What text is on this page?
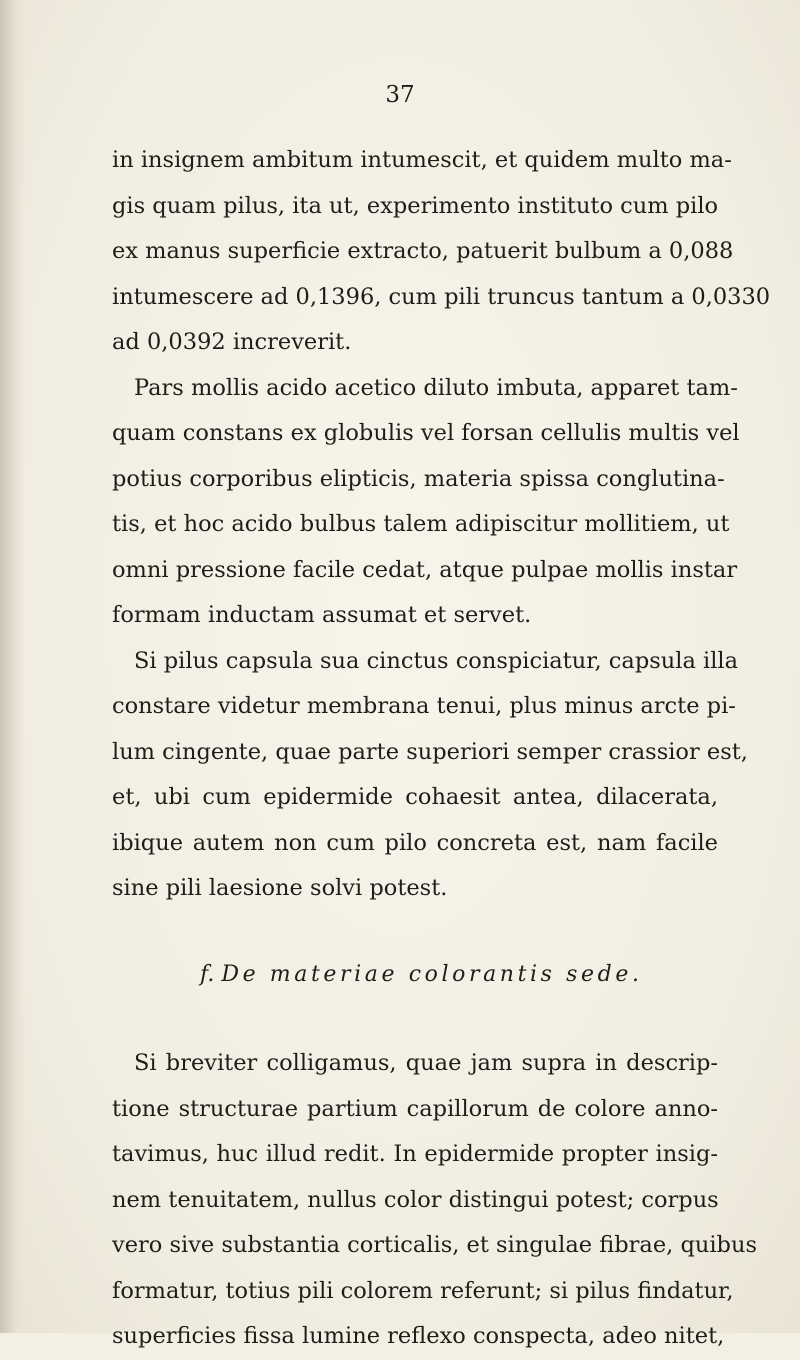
37
in insignem ambitum intumescit, et quidem multo ma-
gis quam pilus, ita ut, experimento instituto cum pilo
ex manus superficie extracto, patuerit bulbum a 0,088
intumescere ad 0,1396, cum pili truncus tantum a 0,0330
ad 0,0392 increverit.
Pars mollis acido acetico diluto imbuta, apparet tam-
quam constans ex globulis vel forsan cellulis multis vel
potius corporibus elipticis, materia spissa conglutina-
tis, et hoc acido bulbus talem adipiscitur mollitiem, ut
omni pressione facile cedat, atque pulpae mollis instar
formam inductam assumat et servet.
Si pilus capsula sua cinctus conspiciatur, capsula illa
constare videtur membrana tenui, plus minus arcte pi-
lum cingente, quae parte superiori semper crassior est,
et, ubi cum epidermide cohaesit antea, dilacerata,
ibique autem non cum pilo concreta est, nam facile
sine pili laesione solvi potest.
f. De materiae colorantis sede.
Si breviter colligamus, quae jam supra in descrip-
tione structurae partium capillorum de colore anno-
tavimus, huc illud redit. In epidermide propter insig-
nem tenuitatem, nullus color distingui potest; corpus
vero sive substantia corticalis, et singulae fibrae, quibus
formatur, totius pili colorem referunt; si pilus findatur,
superficies fissa lumine reflexo conspecta, adeo nitet,
